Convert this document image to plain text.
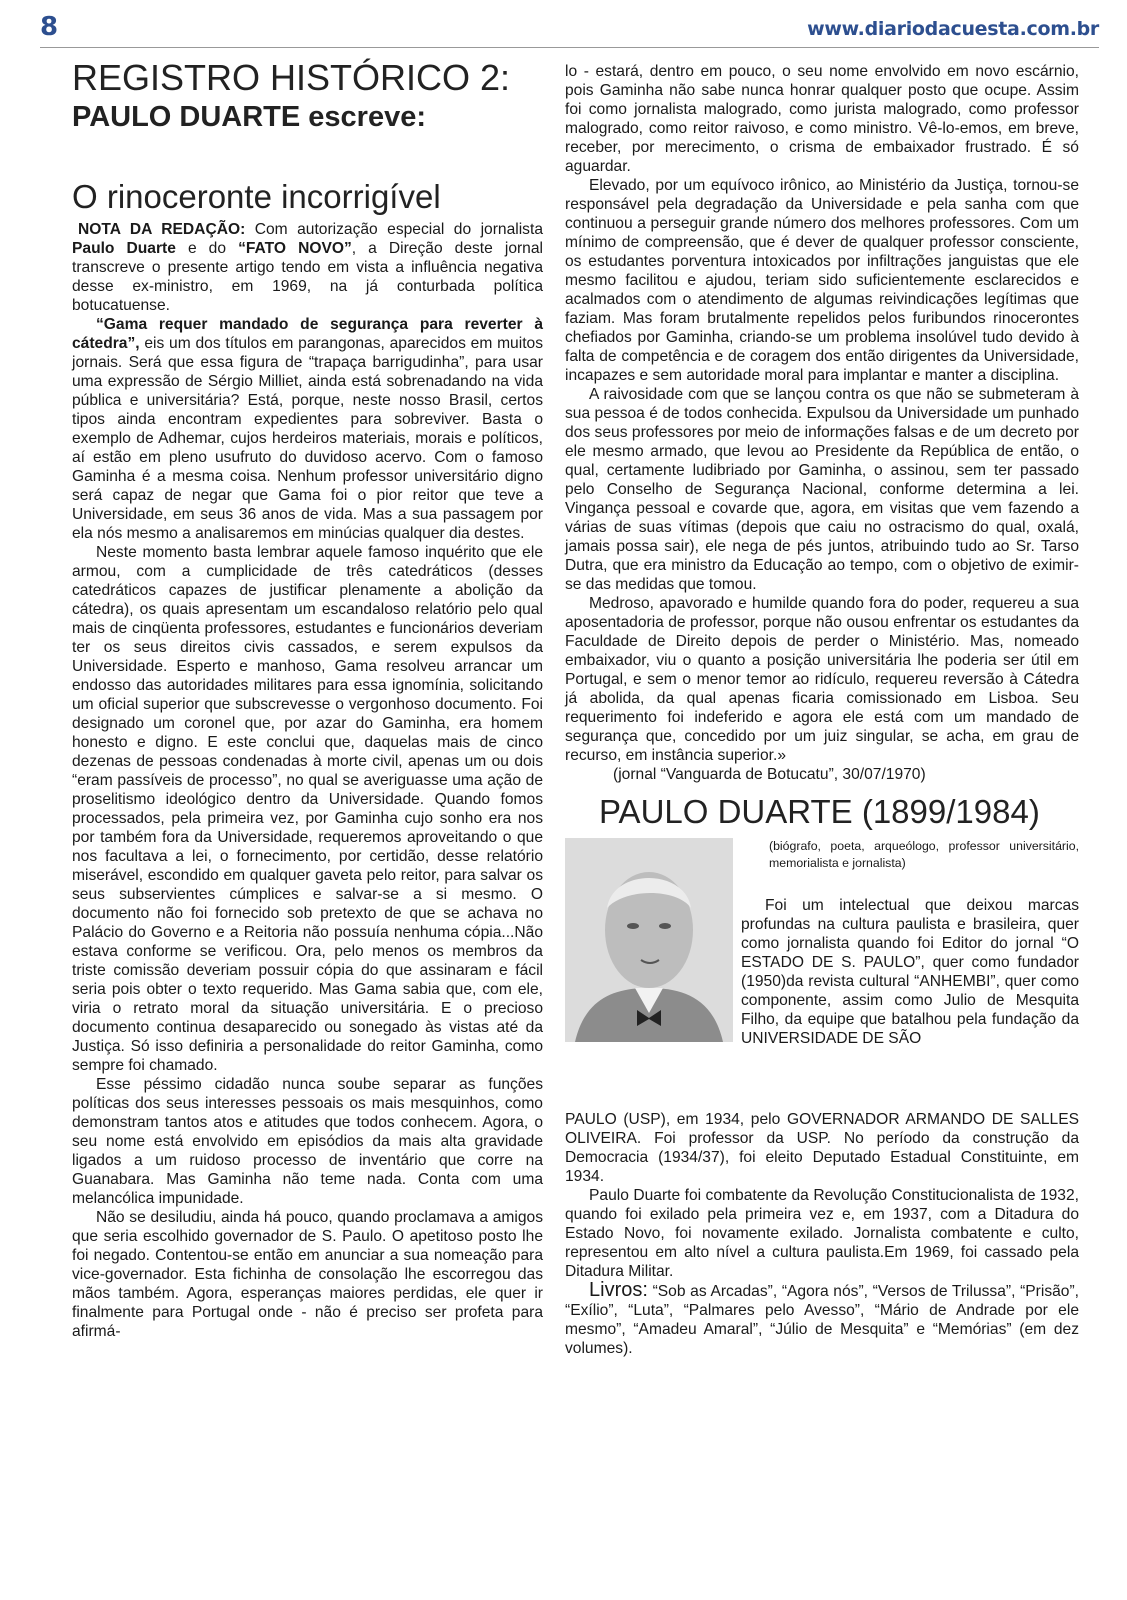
8	www.diariodacuesta.com.br
REGISTRO HISTÓRICO 2:
PAULO DUARTE escreve:
O rinoceronte incorrigível

NOTA DA REDAÇÃO: Com autorização especial do jornalista Paulo Duarte e do “FATO NOVO”, a Direção deste jornal transcreve o presente artigo tendo em vista a influência negativa desse ex-ministro, em 1969, na já conturbada política botucatuense.

“Gama requer mandado de segurança para reverter à cátedra”, eis um dos títulos em parangonas, aparecidos em muitos jornais. Será que essa figura de “trapaça barrigudinha”, para usar uma expressão de Sérgio Milliet, ainda está sobrenadando na vida pública e universitária? Está, porque, neste nosso Brasil, certos tipos ainda encontram expedientes para sobreviver. Basta o exemplo de Adhemar, cujos herdeiros materiais, morais e políticos, aí estão em pleno usufruto do duvidoso acervo. Com o famoso Gaminha é a mesma coisa. Nenhum professor universitário digno será capaz de negar que Gama foi o pior reitor que teve a Universidade, em seus 36 anos de vida. Mas a sua passagem por ela nós mesmo a analisaremos em minúcias qualquer dia destes.

Neste momento basta lembrar aquele famoso inquérito que ele armou, com a cumplicidade de três catedráticos (desses catedráticos capazes de justificar plenamente a abolição da cátedra), os quais apresentam um escandaloso relatório pelo qual mais de cinqüenta professores, estudantes e funcionários deveriam ter os seus direitos civis cassados, e serem expulsos da Universidade. Esperto e manhoso, Gama resolveu arrancar um endosso das autoridades militares para essa ignomínia, solicitando um oficial superior que subscrevesse o vergonhoso documento. Foi designado um coronel que, por azar do Gaminha, era homem honesto e digno. E este conclui que, daquelas mais de cinco dezenas de pessoas condenadas à morte civil, apenas um ou dois “eram passíveis de processo”, no qual se averiguasse uma ação de proselitismo ideológico dentro da Universidade. Quando fomos processados, pela primeira vez, por Gaminha cujo sonho era nos por também fora da Universidade, requeremos aproveitando o que nos facultava a lei, o fornecimento, por certidão, desse relatório miserável, escondido em qualquer gaveta pelo reitor, para salvar os seus subservientes cúmplices e salvar-se a si mesmo. O documento não foi fornecido sob pretexto de que se achava no Palácio do Governo e a Reitoria não possuía nenhuma cópia...Não estava conforme se verificou. Ora, pelo menos os membros da triste comissão deveriam possuir cópia do que assinaram e fácil seria pois obter o texto requerido. Mas Gama sabia que, com ele, viria o retrato moral da situação universitária. E o precioso documento continua desaparecido ou sonegado às vistas até da Justiça. Só isso definiria a personalidade do reitor Gaminha, como sempre foi chamado.

Esse péssimo cidadão nunca soube separar as funções políticas dos seus interesses pessoais os mais mesquinhos, como demonstram tantos atos e atitudes que todos conhecem. Agora, o seu nome está envolvido em episódios da mais alta gravidade ligados a um ruidoso processo de inventário que corre na Guanabara. Mas Gaminha não teme nada. Conta com uma melancólica impunidade.

Não se desiludiu, ainda há pouco, quando proclamava a amigos que seria escolhido governador de S. Paulo. O apetitoso posto lhe foi negado. Contentou-se então em anunciar a sua nomeação para vice-governador. Esta fichinha de consolação lhe escorregou das mãos também. Agora, esperanças maiores perdidas, ele quer ir finalmente para Portugal onde - não é preciso ser profeta para afirmá-

lo - estará, dentro em pouco, o seu nome envolvido em novo escárnio, pois Gaminha não sabe nunca honrar qualquer posto que ocupe. Assim foi como jornalista malogrado, como jurista malogrado, como professor malogrado, como reitor raivoso, e como ministro. Vê-lo-emos, em breve, receber, por merecimento, o crisma de embaixador frustrado. É só aguardar.

Elevado, por um equívoco irônico, ao Ministério da Justiça, tornou-se responsável pela degradação da Universidade e pela sanha com que continuou a perseguir grande número dos melhores professores. Com um mínimo de compreensão, que é dever de qualquer professor consciente, os estudantes porventura intoxicados por infiltrações janguistas que ele mesmo facilitou e ajudou, teriam sido suficientemente esclarecidos e acalmados com o atendimento de algumas reivindicações legítimas que faziam. Mas foram brutalmente repelidos pelos furibundos rinocerontes chefiados por Gaminha, criando-se um problema insolúvel tudo devido à falta de competência e de coragem dos então dirigentes da Universidade, incapazes e sem autoridade moral para implantar e manter a disciplina.

A raivosidade com que se lançou contra os que não se submeteram à sua pessoa é de todos conhecida. Expulsou da Universidade um punhado dos seus professores por meio de informações falsas e de um decreto por ele mesmo armado, que levou ao Presidente da República de então, o qual, certamente ludibriado por Gaminha, o assinou, sem ter passado pelo Conselho de Segurança Nacional, conforme determina a lei. Vingança pessoal e covarde que, agora, em visitas que vem fazendo a várias de suas vítimas (depois que caiu no ostracismo do qual, oxalá, jamais possa sair), ele nega de pés juntos, atribuindo tudo ao Sr. Tarso Dutra, que era ministro da Educação ao tempo, com o objetivo de eximir-se das medidas que tomou.

Medroso, apavorado e humilde quando fora do poder, requereu a sua aposentadoria de professor, porque não ousou enfrentar os estudantes da Faculdade de Direito depois de perder o Ministério. Mas, nomeado embaixador, viu o quanto a posição universitária lhe poderia ser útil em Portugal, e sem o menor temor ao ridículo, requereu reversão à Cátedra já abolida, da qual apenas ficaria comissionado em Lisboa. Seu requerimento foi indeferido e agora ele está com um mandado de segurança que, concedido por um juiz singular, se acha, em grau de recurso, em instância superior.»

(jornal “Vanguarda de Botucatu”, 30/07/1970)

PAULO DUARTE (1899/1984)
(biógrafo, poeta, arqueólogo, professor universitário, memorialista e jornalista)

Foi um intelectual que deixou marcas profundas na cultura paulista e brasileira, quer como jornalista quando foi Editor do jornal “O ESTADO DE S. PAULO”, quer como fundador (1950)da revista cultural “ANHEMBI”, quer como componente, assim como Julio de Mesquita Filho, da equipe que batalhou pela fundação da UNIVERSIDADE DE SÃO

PAULO (USP), em 1934, pelo GOVERNADOR ARMANDO DE SALLES OLIVEIRA. Foi professor da USP. No período da construção da Democracia (1934/37), foi eleito Deputado Estadual Constituinte, em 1934.

Paulo Duarte foi combatente da Revolução Constitucionalista de 1932, quando foi exilado pela primeira vez e, em 1937, com a Ditadura do Estado Novo, foi novamente exilado. Jornalista combatente e culto, representou em alto nível a cultura paulista.Em 1969, foi cassado pela Ditadura Militar.

Livros: “Sob as Arcadas”, “Agora nós”, “Versos de Trilussa”, “Prisão”, “Exílio”, “Luta”, “Palmares pelo Avesso”, “Mário de Andrade por ele mesmo”, “Amadeu Amaral”, “Júlio de Mesquita” e “Memórias” (em dez volumes).
